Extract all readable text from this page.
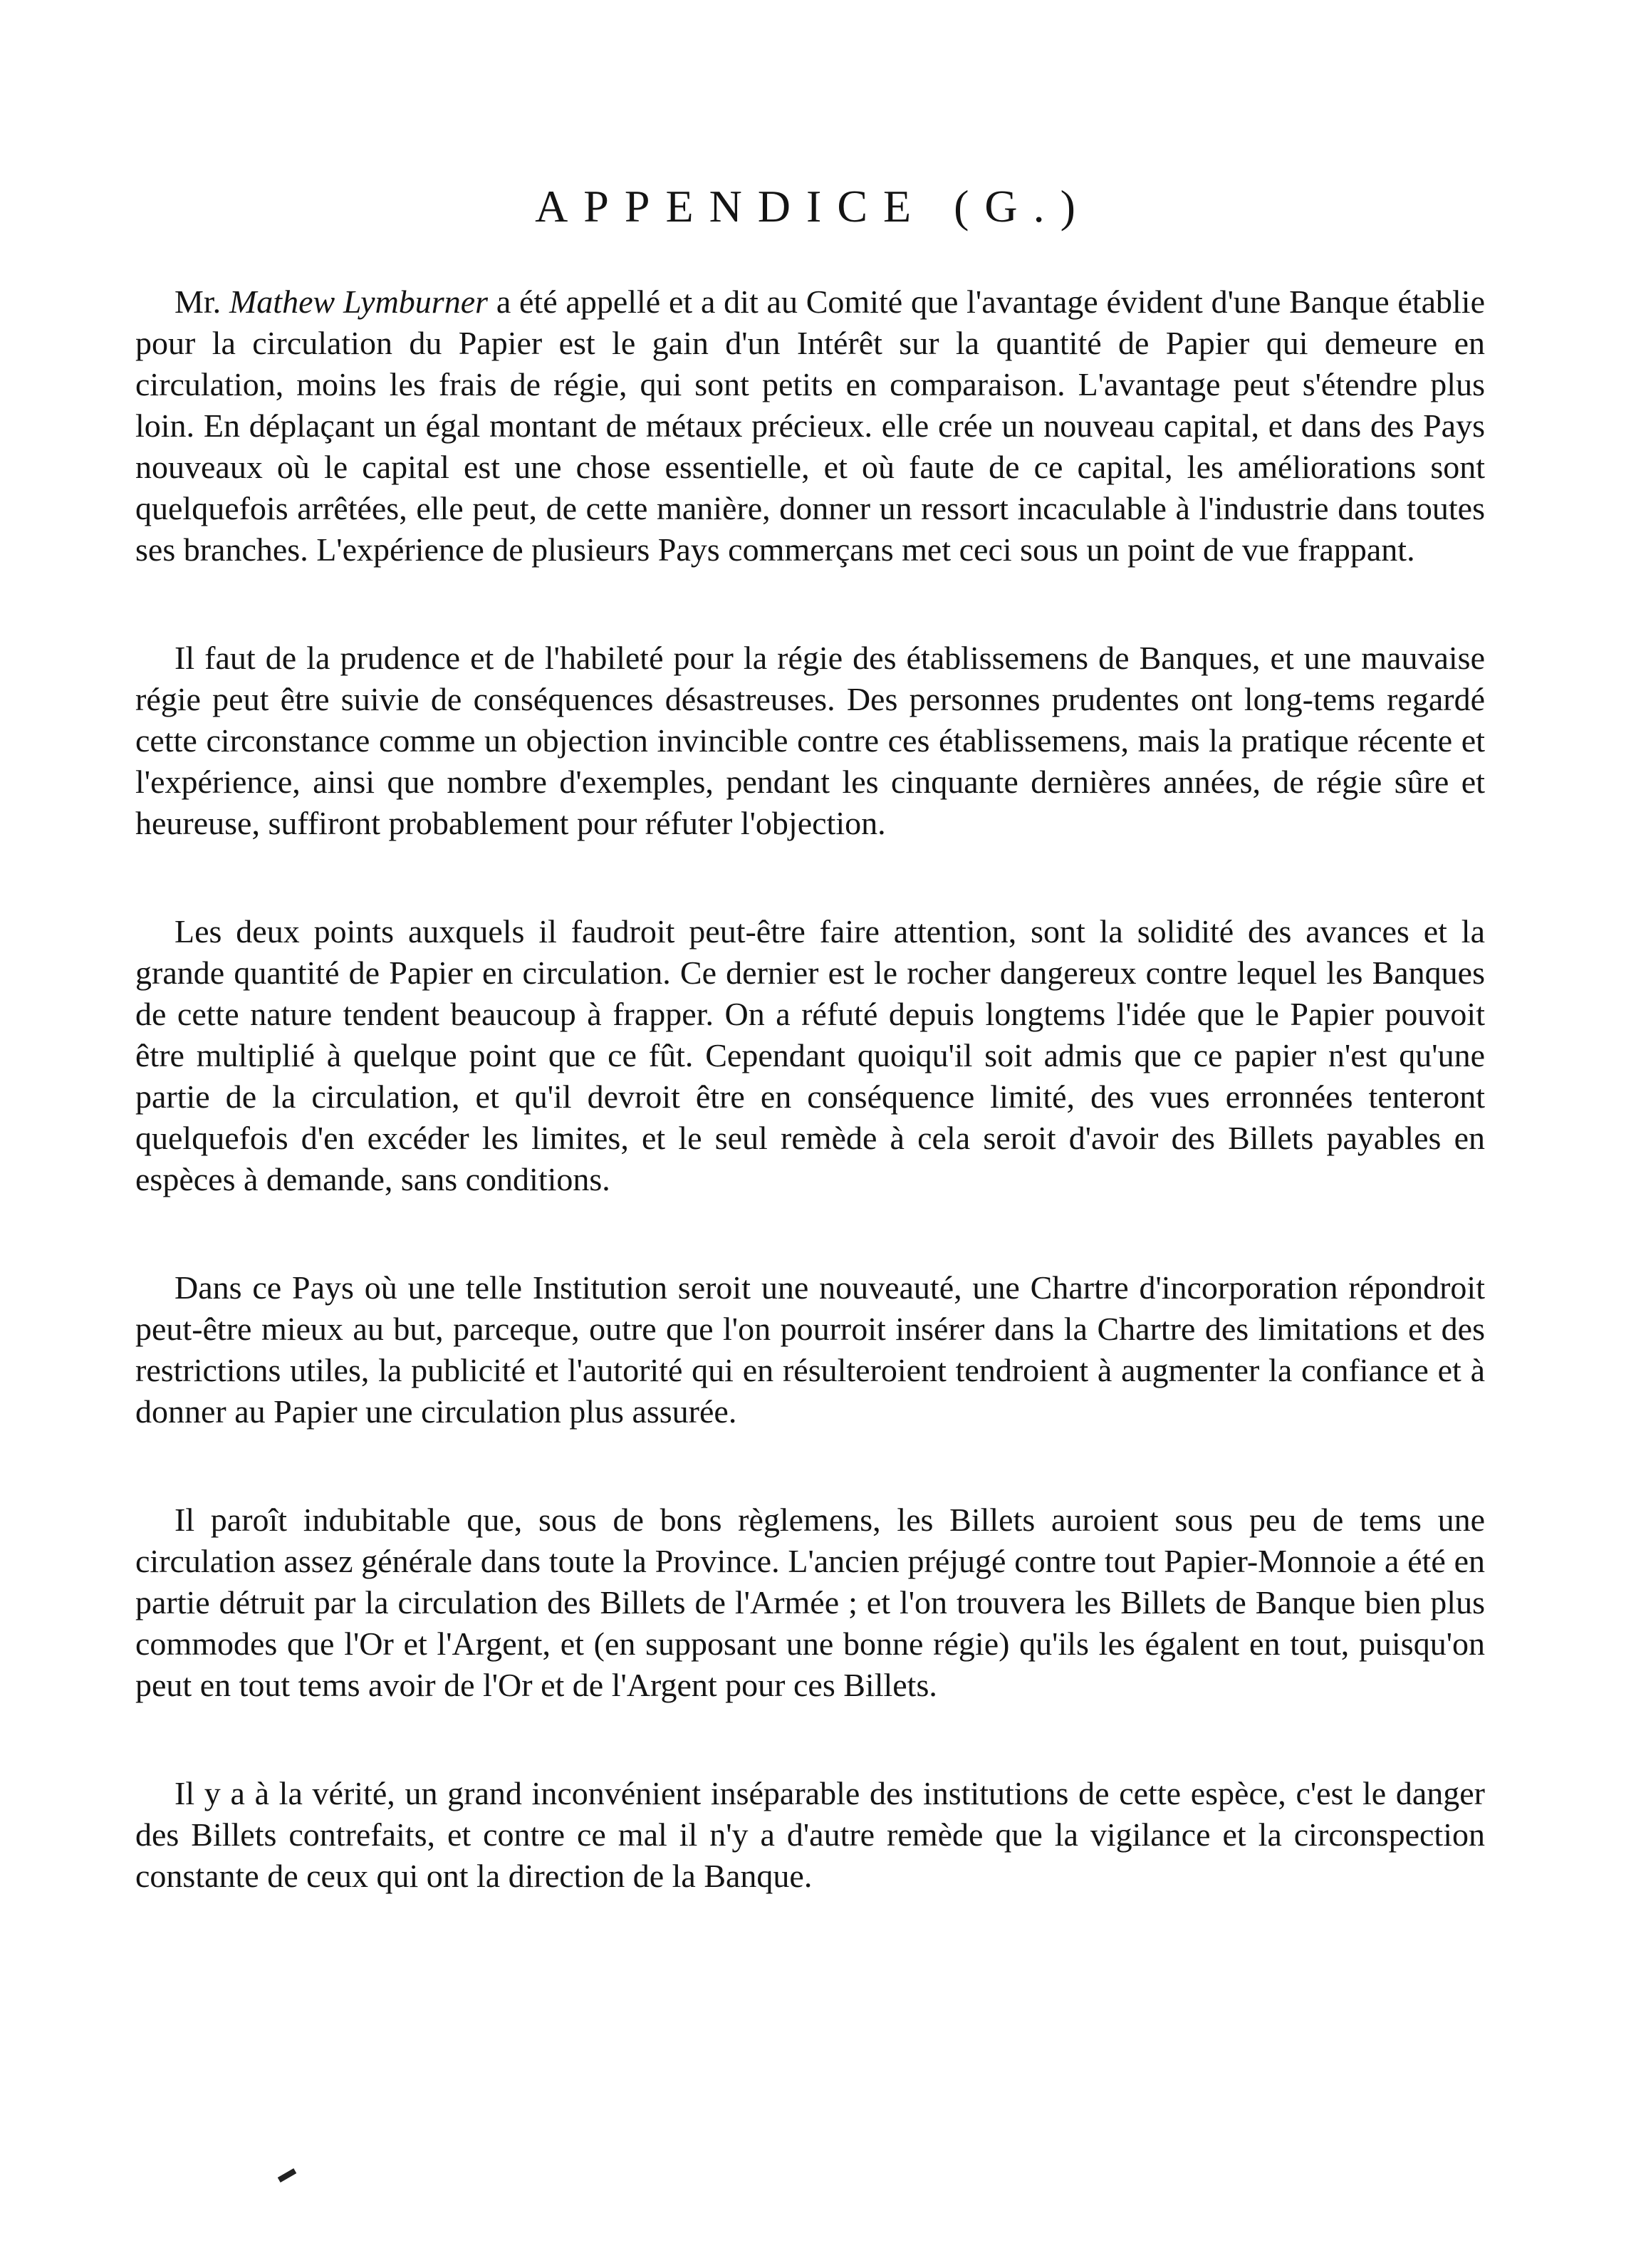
APPENDICE (G.)

Mr. Mathew Lymburner a été appellé et a dit au Comité que l'avantage évident d'une Banque établie pour la circulation du Papier est le gain d'un Intérêt sur la quantité de Papier qui demeure en circulation, moins les frais de régie, qui sont petits en comparaison. L'avantage peut s'étendre plus loin. En déplaçant un égal montant de métaux précieux. elle crée un nouveau capital, et dans des Pays nouveaux où le capital est une chose essentielle, et où faute de ce capital, les améliorations sont quelquefois arrêtées, elle peut, de cette manière, donner un ressort incaculable à l'industrie dans toutes ses branches. L'expérience de plusieurs Pays commerçans met ceci sous un point de vue frappant.

Il faut de la prudence et de l'habileté pour la régie des établissemens de Banques, et une mauvaise régie peut être suivie de conséquences désastreuses. Des personnes prudentes ont long-tems regardé cette circonstance comme un objection invincible contre ces établissemens, mais la pratique récente et l'expérience, ainsi que nombre d'exemples, pendant les cinquante dernières années, de régie sûre et heureuse, suffiront probablement pour réfuter l'objection.

Les deux points auxquels il faudroit peut-être faire attention, sont la solidité des avances et la grande quantité de Papier en circulation. Ce dernier est le rocher dangereux contre lequel les Banques de cette nature tendent beaucoup à frapper. On a réfuté depuis longtems l'idée que le Papier pouvoit être multiplié à quelque point que ce fût. Cependant quoiqu'il soit admis que ce papier n'est qu'une partie de la circulation, et qu'il devroit être en conséquence limité, des vues erronnées tenteront quelquefois d'en excéder les limites, et le seul remède à cela seroit d'avoir des Billets payables en espèces à demande, sans conditions.

Dans ce Pays où une telle Institution seroit une nouveauté, une Chartre d'incorporation répondroit peut-être mieux au but, parceque, outre que l'on pourroit insérer dans la Chartre des limitations et des restrictions utiles, la publicité et l'autorité qui en résulteroient tendroient à augmenter la confiance et à donner au Papier une circulation plus assurée.

Il paroît indubitable que, sous de bons règlemens, les Billets auroient sous peu de tems une circulation assez générale dans toute la Province. L'ancien préjugé contre tout Papier-Monnoie a été en partie détruit par la circulation des Billets de l'Armée ; et l'on trouvera les Billets de Banque bien plus commodes que l'Or et l'Argent, et (en supposant une bonne régie) qu'ils les égalent en tout, puisqu'on peut en tout tems avoir de l'Or et de l'Argent pour ces Billets.

Il y a à la vérité, un grand inconvénient inséparable des institutions de cette espèce, c'est le danger des Billets contrefaits, et contre ce mal il n'y a d'autre remède que la vigilance et la circonspection constante de ceux qui ont la direction de la Banque.
